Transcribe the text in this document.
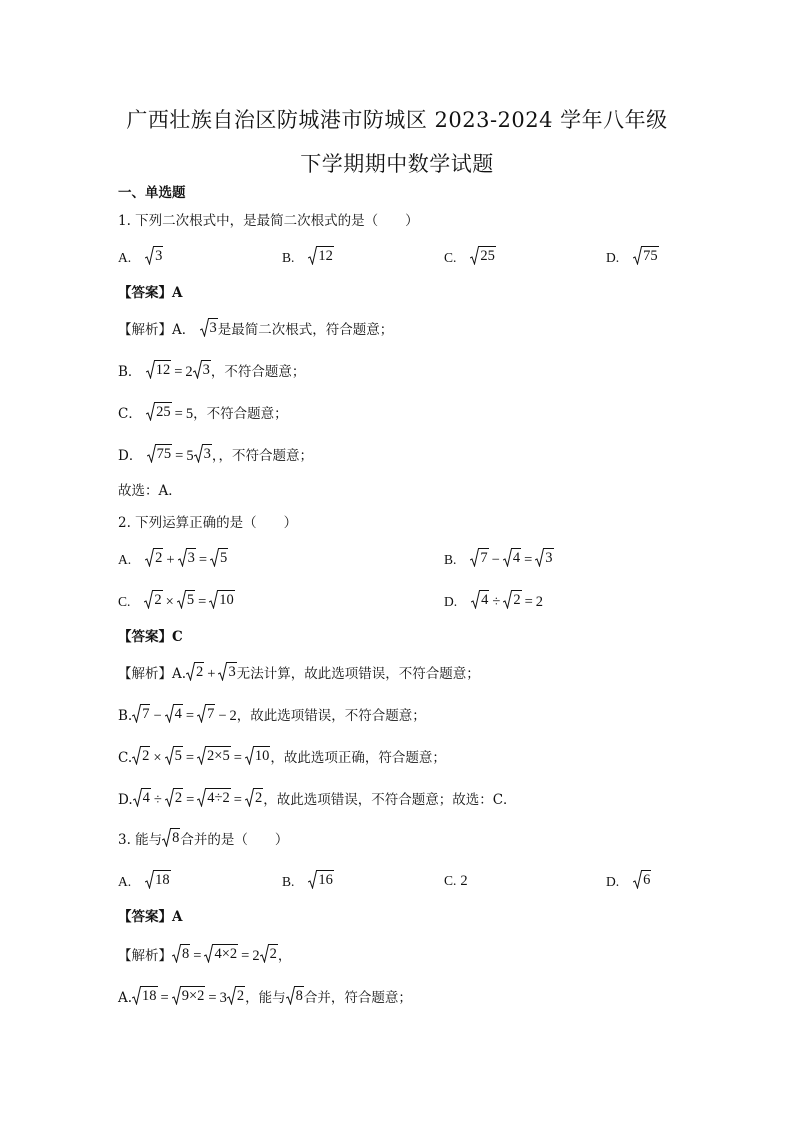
广西壮族自治区防城港市防城区 2023-2024 学年八年级
下学期期中数学试题
一、单选题
1. 下列二次根式中，是最简二次根式的是（　　）
A. 3	B. 12	C. 25	D. 75
【答案】A
【解析】A． 3 是最简二次根式，符合题意；
B． 12 = 2 3 ，不符合题意；
C． 25 = 5，不符合题意；
D． 75 = 5 3 ，，不符合题意；
故选：A．
2. 下列运算正确的是（　　）
A. 2 + 3 = 5	B. 7 − 4 = 3
C. 2 × 5 = 10	D. 4 ÷ 2 = 2
【答案】C
【解析】A. 2 + 3 无法计算，故此选项错误，不符合题意；
B. 7 − 4 = 7 − 2，故此选项错误，不符合题意；
C. 2 × 5 = 2×5 = 10 ，故此选项正确，符合题意；
D. 4 ÷ 2 = 4÷2 = 2 ，故此选项错误，不符合题意；故选：C．
3. 能与 8 合并的是（　　）
A. 18	B. 16	C. 2	D. 6
【答案】A
【解析】 8 = 4×2 = 2 2 ，
A. 18 = 9×2 = 3 2 ，能与 8 合并，符合题意；
